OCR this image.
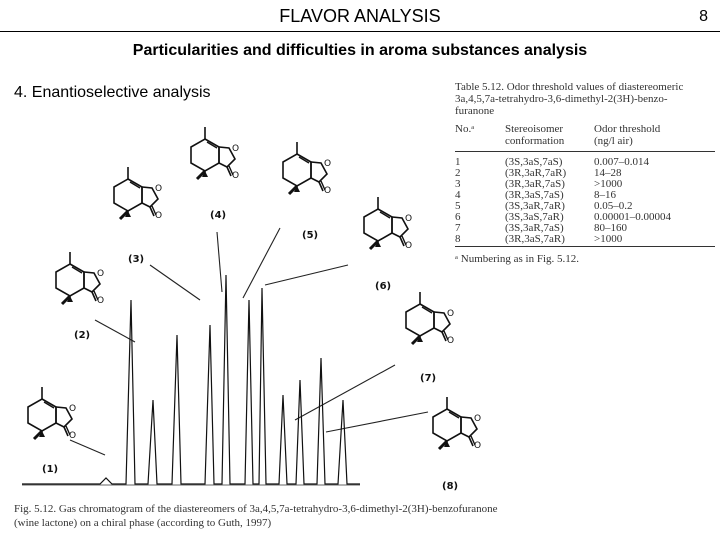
FLAVOR ANALYSIS	8
Particularities and difficulties in aroma substances analysis
4. Enantioselective analysis
O
(1)
(2)
(3)
(4)
(5)
(6)
(7)
(8)
Table 5.12. Odor threshold values of diastereomeric
3a,4,5,7a-tetrahydro-3,6-dimethyl-2(3H)-benzo-
furanone
No.ᵃ	Stereoisomer
conformation
Odor threshold
(ng/l air)
1	(3S,3aS,7aS)	0.007–0.014
2	(3R,3aR,7aR)	14–28
3	(3R,3aR,7aS)	>1000
4	(3R,3aS,7aS)	8–16
5	(3S,3aR,7aR)	0.05–0.2
6	(3S,3aS,7aR)	0.00001–0.00004
7	(3S,3aR,7aS)	80–160
8	(3R,3aS,7aR)	>1000
ᵃ Numbering as in Fig. 5.12.
Fig. 5.12. Gas chromatogram of the diastereomers of 3a,4,5,7a-tetrahydro-3,6-dimethyl-2(3H)-benzofuranone
(wine lactone) on a chiral phase (according to Guth, 1997)
